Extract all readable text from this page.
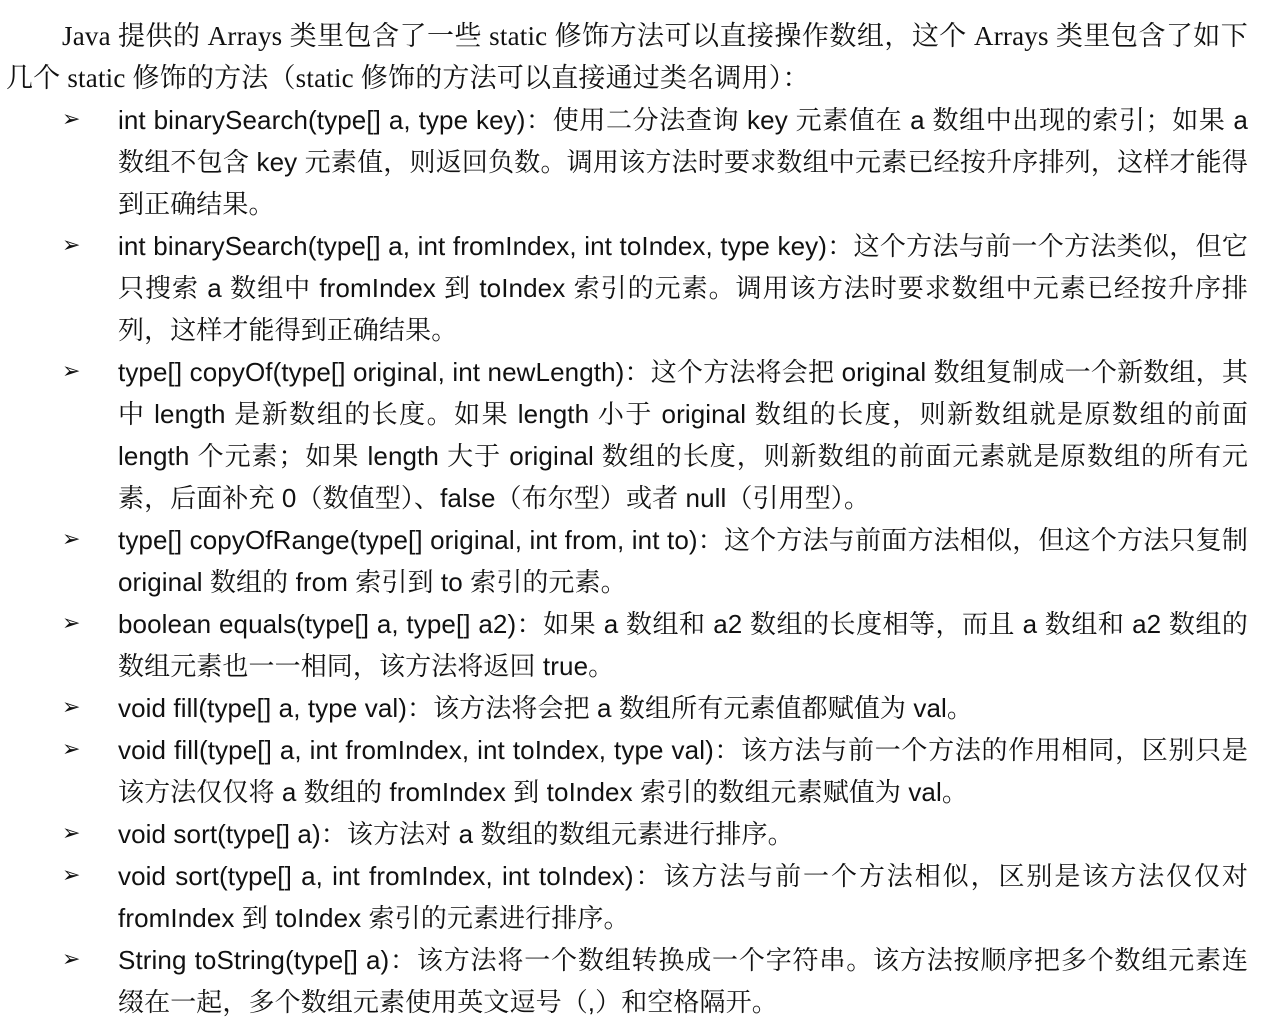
Java 提供的 Arrays 类里包含了一些 static 修饰方法可以直接操作数组，这个 Arrays 类里包含了如下几个 static 修饰的方法（static 修饰的方法可以直接通过类名调用）：

➢ int binarySearch(type[] a, type key)：使用二分法查询 key 元素值在 a 数组中出现的索引；如果 a 数组不包含 key 元素值，则返回负数。调用该方法时要求数组中元素已经按升序排列，这样才能得到正确结果。
➢ int binarySearch(type[] a, int fromIndex, int toIndex, type key)：这个方法与前一个方法类似，但它只搜索 a 数组中 fromIndex 到 toIndex 索引的元素。调用该方法时要求数组中元素已经按升序排列，这样才能得到正确结果。
➢ type[] copyOf(type[] original, int newLength)：这个方法将会把 original 数组复制成一个新数组，其中 length 是新数组的长度。如果 length 小于 original 数组的长度，则新数组就是原数组的前面 length 个元素；如果 length 大于 original 数组的长度，则新数组的前面元素就是原数组的所有元素，后面补充 0（数值型）、false（布尔型）或者 null（引用型）。
➢ type[] copyOfRange(type[] original, int from, int to)：这个方法与前面方法相似，但这个方法只复制 original 数组的 from 索引到 to 索引的元素。
➢ boolean equals(type[] a, type[] a2)：如果 a 数组和 a2 数组的长度相等，而且 a 数组和 a2 数组的数组元素也一一相同，该方法将返回 true。
➢ void fill(type[] a, type val)：该方法将会把 a 数组所有元素值都赋值为 val。
➢ void fill(type[] a, int fromIndex, int toIndex, type val)：该方法与前一个方法的作用相同，区别只是该方法仅仅将 a 数组的 fromIndex 到 toIndex 索引的数组元素赋值为 val。
➢ void sort(type[] a)：该方法对 a 数组的数组元素进行排序。
➢ void sort(type[] a, int fromIndex, int toIndex)：该方法与前一个方法相似，区别是该方法仅仅对 fromIndex 到 toIndex 索引的元素进行排序。
➢ String toString(type[] a)：该方法将一个数组转换成一个字符串。该方法按顺序把多个数组元素连缀在一起，多个数组元素使用英文逗号（,）和空格隔开。
